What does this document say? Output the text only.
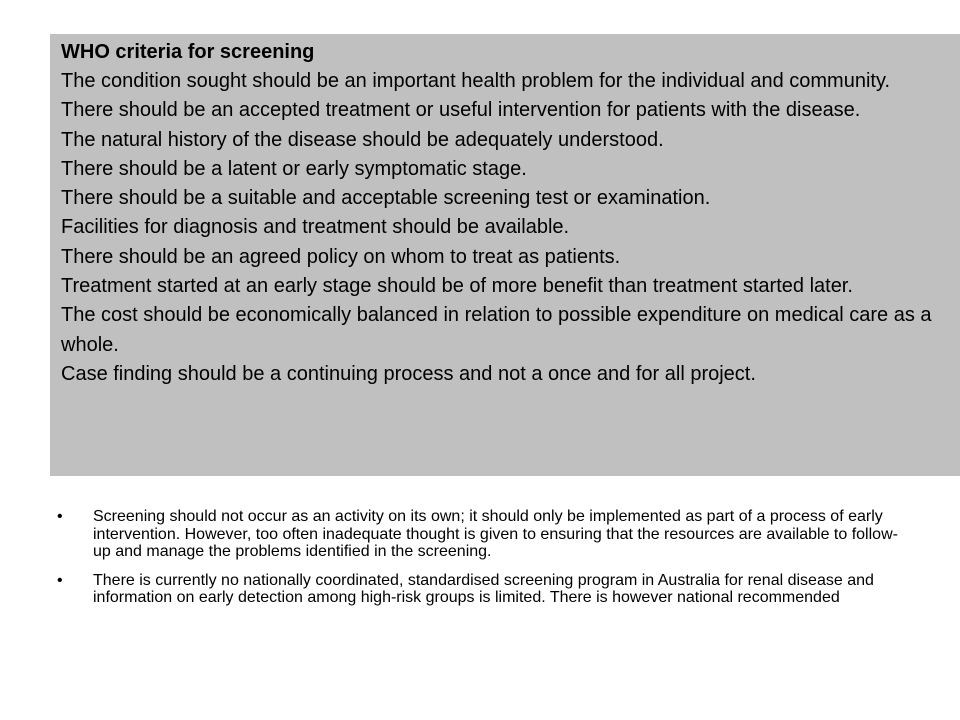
WHO criteria for screening

The condition sought should be an important health problem for the individual and community.
There should be an accepted treatment or useful intervention for patients with the disease.
The natural history of the disease should be adequately understood.
There should be a latent or early symptomatic stage.
There should be a suitable and acceptable screening test or examination.
Facilities for diagnosis and treatment should be available.
There should be an agreed policy on whom to treat as patients.
Treatment started at an early stage should be of more benefit than treatment started later.
The cost should be economically balanced in relation to possible expenditure on medical care as a whole.
Case finding should be a continuing process and not a once and for all project.
• Screening should not occur as an activity on its own; it should only be implemented as part of a process of early intervention. However, too often inadequate thought is given to ensuring that the resources are available to follow-up and manage the problems identified in the screening.
• There is currently no nationally coordinated, standardised screening program in Australia for renal disease and information on early detection among high-risk groups is limited. There is however national recommended
